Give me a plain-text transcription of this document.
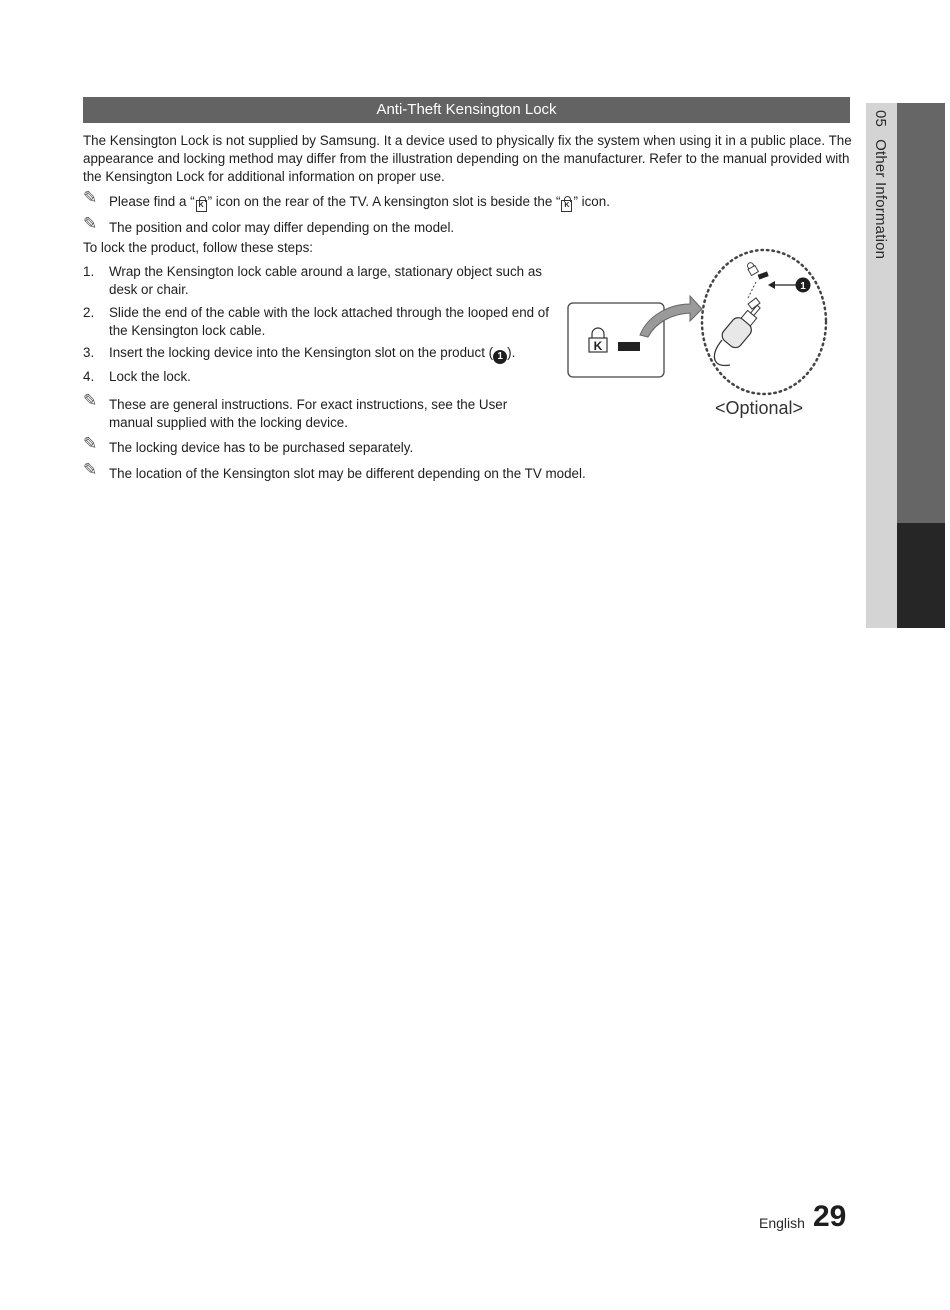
Anti-Theft Kensington Lock

The Kensington Lock is not supplied by Samsung. It a device used to physically fix the system when using it in a public place. The appearance and locking method may differ from the illustration depending on the manufacturer. Refer to the manual provided with the Kensington Lock for additional information on proper use.

✎ Please find a “ K ” icon on the rear of the TV. A kensington slot is beside the “ K ” icon.
✎ The position and color may differ depending on the model.
To lock the product, follow these steps:
1. Wrap the Kensington lock cable around a large, stationary object such as desk or chair.
2. Slide the end of the cable with the lock attached through the looped end of the Kensington lock cable.
3. Insert the locking device into the Kensington slot on the product ( 1 ).
4. Lock the lock.
✎ These are general instructions. For exact instructions, see the User manual supplied with the locking device.
✎ The locking device has to be purchased separately.
✎ The location of the Kensington slot may be different depending on the TV model.
K
1
<Optional>
05Other Information
English 29
